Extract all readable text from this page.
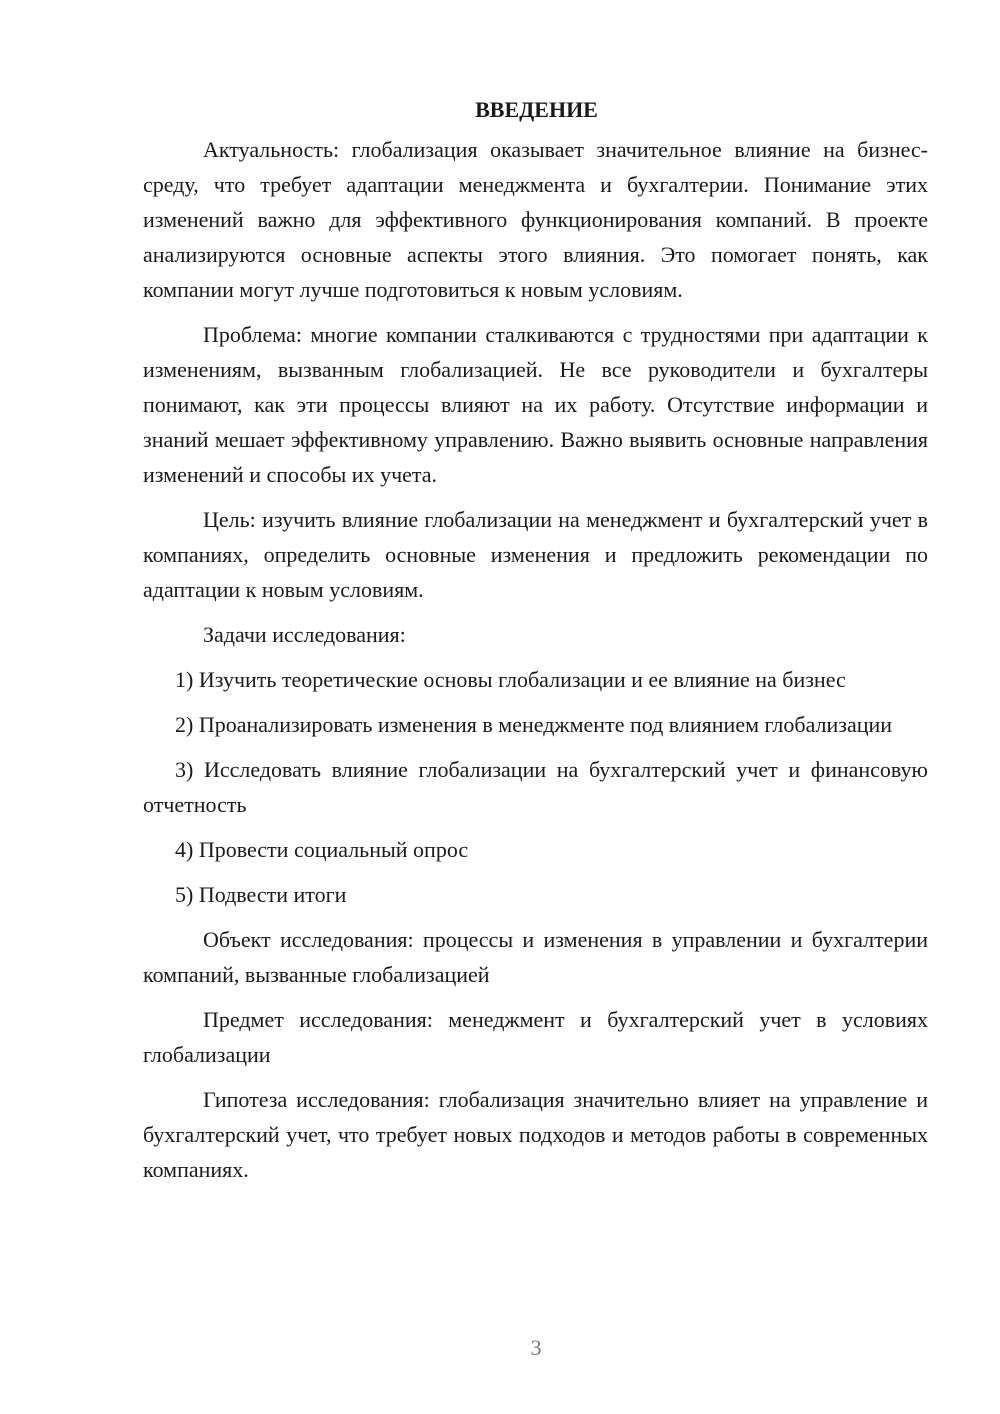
ВВЕДЕНИЕ

Актуальность: глобализация оказывает значительное влияние на бизнес-среду, что требует адаптации менеджмента и бухгалтерии. Понимание этих изменений важно для эффективного функционирования компаний. В проекте анализируются основные аспекты этого влияния. Это помогает понять, как компании могут лучше подготовиться к новым условиям.

Проблема: многие компании сталкиваются с трудностями при адаптации к изменениям, вызванным глобализацией. Не все руководители и бухгалтеры понимают, как эти процессы влияют на их работу. Отсутствие информации и знаний мешает эффективному управлению. Важно выявить основные направления изменений и способы их учета.

Цель: изучить влияние глобализации на менеджмент и бухгалтерский учет в компаниях, определить основные изменения и предложить рекомендации по адаптации к новым условиям.

Задачи исследования:

1) Изучить теоретические основы глобализации и ее влияние на бизнес

2) Проанализировать изменения в менеджменте под влиянием глобализации

3) Исследовать влияние глобализации на бухгалтерский учет и финансовую отчетность

4) Провести социальный опрос

5) Подвести итоги

Объект исследования: процессы и изменения в управлении и бухгалтерии компаний, вызванные глобализацией

Предмет исследования: менеджмент и бухгалтерский учет в условиях глобализации

Гипотеза исследования: глобализация значительно влияет на управление и бухгалтерский учет, что требует новых подходов и методов работы в современных компаниях.

3
